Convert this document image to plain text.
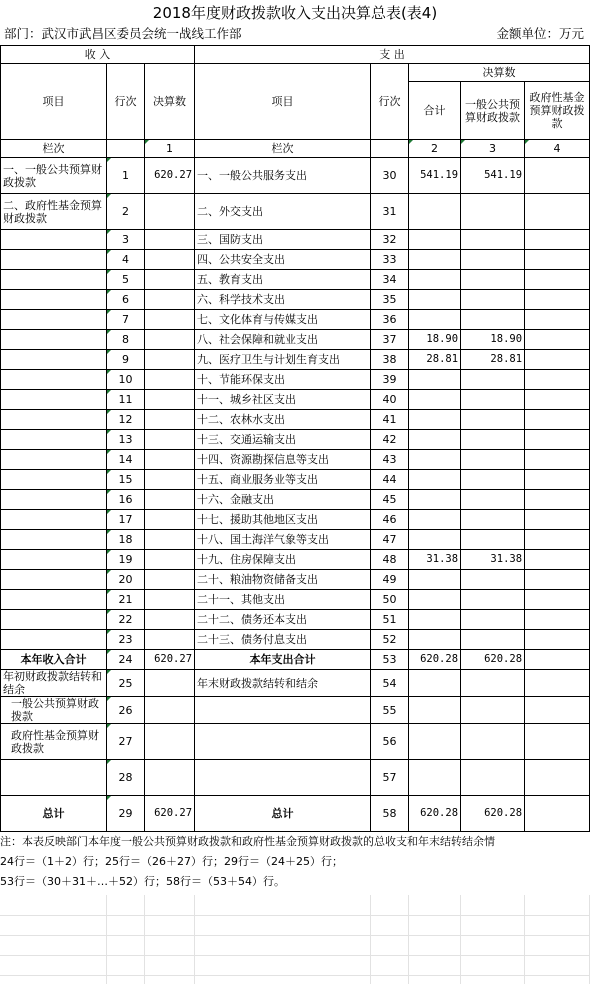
2018年度财政拨款收入支出决算总表(表4)
部门：武汉市武昌区委员会统一战线工作部	金额单位：万元
收 入			支 出				
项目	行次	决算数	项目	行次	决算数		
					合计	一般公共预算财政拨款	政府性基金预算财政拨款
栏次		1	栏次		2	3	4
一、一般公共预算财政拨款	1	620.27	一、一般公共服务支出	30	541.19	541.19	
二、政府性基金预算财政拨款	2		二、外交支出	31			
	3		三、国防支出	32			
	4		四、公共安全支出	33			
	5		五、教育支出	34			
	6		六、科学技术支出	35			
	7		七、文化体育与传媒支出	36			
	8		八、社会保障和就业支出	37	18.90	18.90	
	9		九、医疗卫生与计划生育支出	38	28.81	28.81	
	10		十、节能环保支出	39			
	11		十一、城乡社区支出	40			
	12		十二、农林水支出	41			
	13		十三、交通运输支出	42			
	14		十四、资源勘探信息等支出	43			
	15		十五、商业服务业等支出	44			
	16		十六、金融支出	45			
	17		十七、援助其他地区支出	46			
	18		十八、国土海洋气象等支出	47			
	19		十九、住房保障支出	48	31.38	31.38	
	20		二十、粮油物资储备支出	49			
	21		二十一、其他支出	50			
	22		二十二、债务还本支出	51			
	23		二十三、债务付息支出	52			
本年收入合计	24	620.27	本年支出合计	53	620.28	620.28	
年初财政拨款结转和结余	25		年末财政拨款结转和结余	54			
一般公共预算财政拨款	26			55			
政府性基金预算财政拨款	27			56			
	28			57			
总计	29	620.27	总计	58	620.28	620.28	
注：本表反映部门本年度一般公共预算财政拨款和政府性基金预算财政拨款的总收支和年末结转结余情
24行＝（1＋2）行；25行＝（26＋27）行；29行＝（24＋25）行；
53行＝（30＋31＋…＋52）行；58行＝（53＋54）行。
